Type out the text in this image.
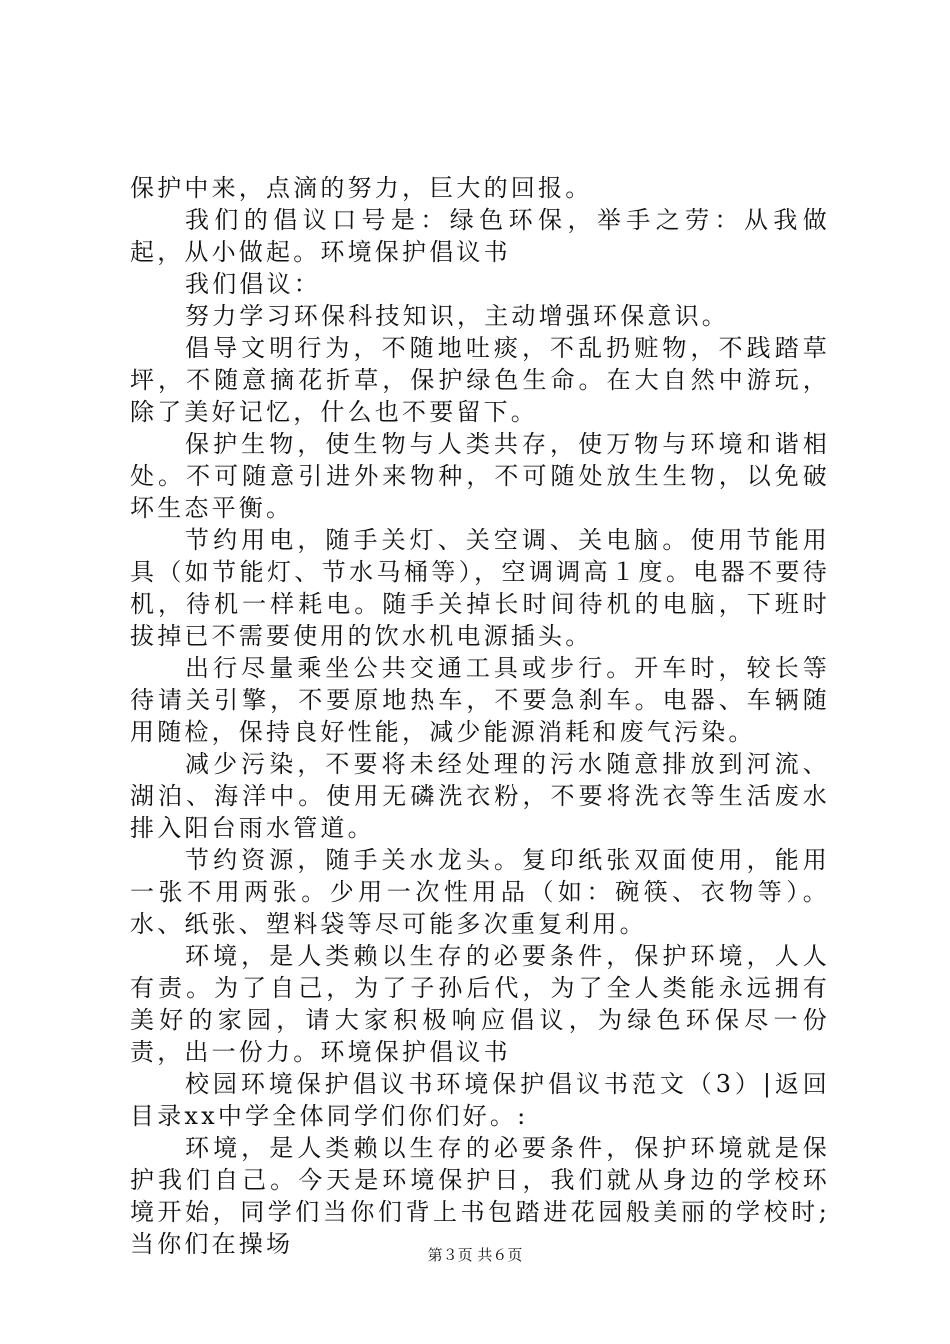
保护中来，点滴的努力，巨大的回报。

我们的倡议口号是：绿色环保，举手之劳：从我做起，从小做起。环境保护倡议书

我们倡议：

努力学习环保科技知识，主动增强环保意识。

倡导文明行为，不随地吐痰，不乱扔赃物，不践踏草坪，不随意摘花折草，保护绿色生命。在大自然中游玩，除了美好记忆，什么也不要留下。

保护生物，使生物与人类共存，使万物与环境和谐相处。不可随意引进外来物种，不可随处放生生物，以免破坏生态平衡。

节约用电，随手关灯、关空调、关电脑。使用节能用具（如节能灯、节水马桶等），空调调高１度。电器不要待机，待机一样耗电。随手关掉长时间待机的电脑，下班时拔掉已不需要使用的饮水机电源插头。

出行尽量乘坐公共交通工具或步行。开车时，较长等待请关引擎，不要原地热车，不要急刹车。电器、车辆随用随检，保持良好性能，减少能源消耗和废气污染。

减少污染，不要将未经处理的污水随意排放到河流、湖泊、海洋中。使用无磷洗衣粉，不要将洗衣等生活废水排入阳台雨水管道。

节约资源，随手关水龙头。复印纸张双面使用，能用一张不用两张。少用一次性用品（如：碗筷、衣物等）。水、纸张、塑料袋等尽可能多次重复利用。

环境，是人类赖以生存的必要条件，保护环境，人人有责。为了自己，为了子孙后代，为了全人类能永远拥有美好的家园，请大家积极响应倡议，为绿色环保尽一份责，出一份力。环境保护倡议书

校园环境保护倡议书环境保护倡议书范文（3）|返回目录xx中学全体同学们你们好。:

环境，是人类赖以生存的必要条件，保护环境就是保护我们自己。今天是环境保护日，我们就从身边的学校环境开始，同学们当你们背上书包踏进花园般美丽的学校时;当你们在操场	第３页 共６页
